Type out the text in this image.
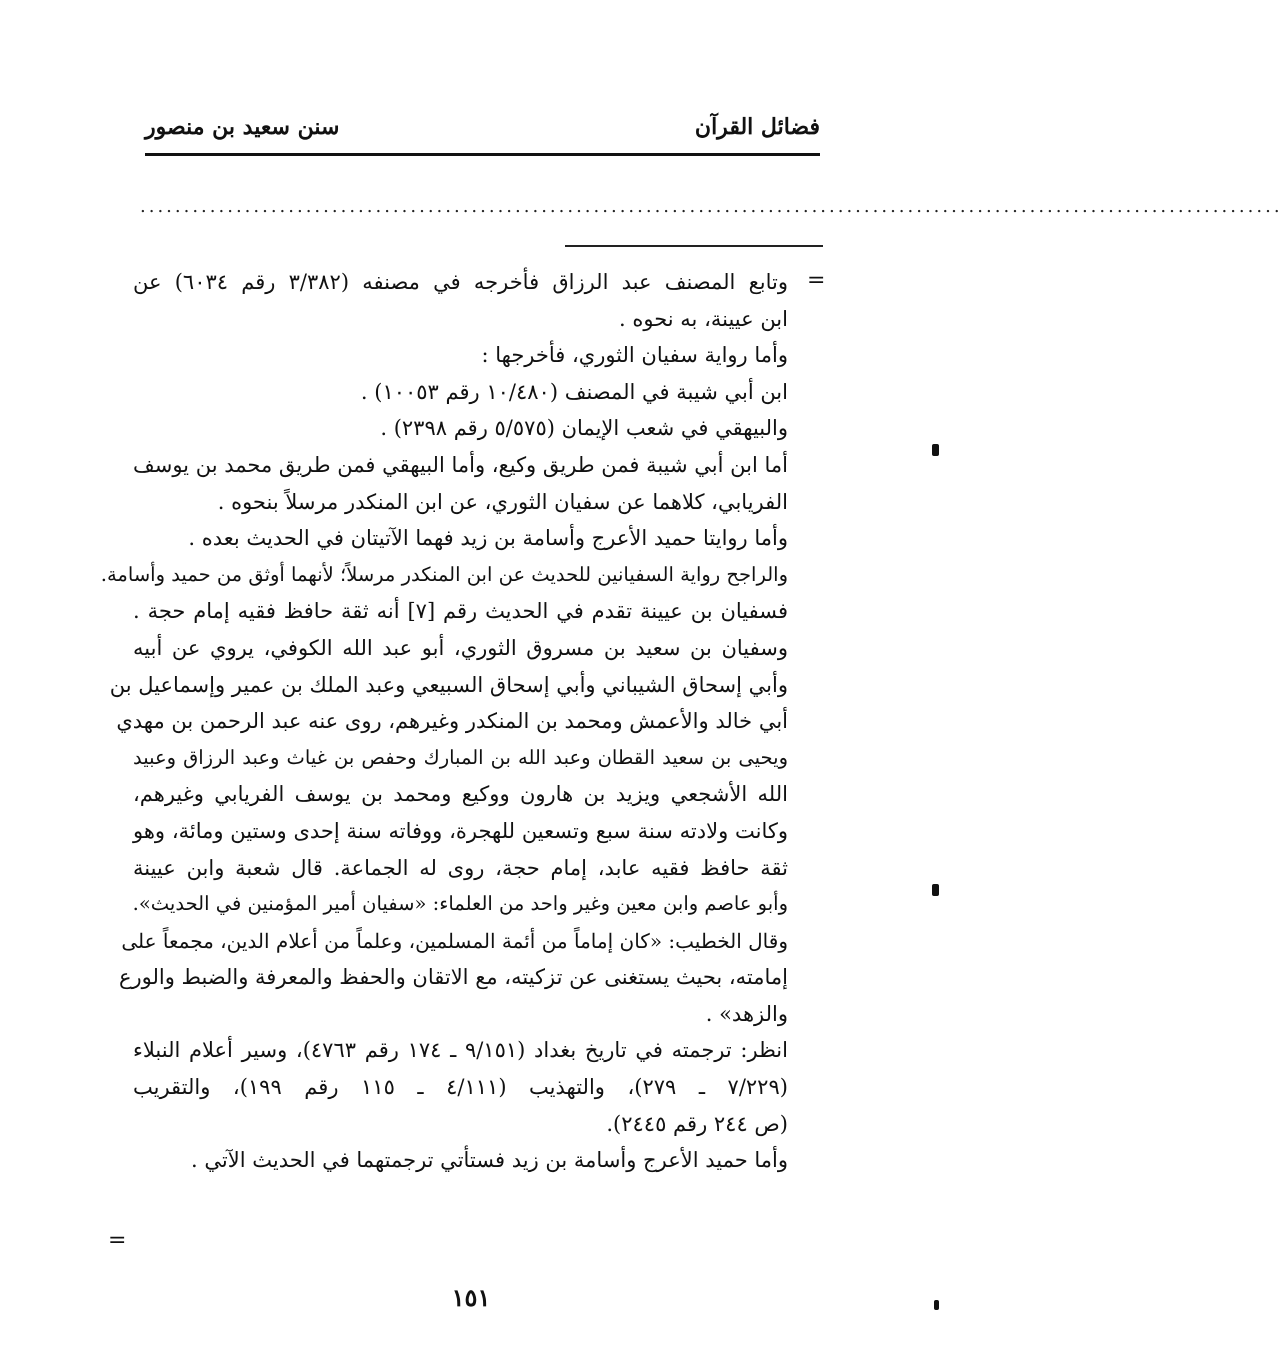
فضائل القرآن
سنن سعيد بن منصور
...................................................................................................................................
=
وتابع المصنف عبد الرزاق فأخرجه في مصنفه (٣/٣٨٢ رقم ٦٠٣٤) عن
ابن عيينة، به نحوه .
وأما رواية سفيان الثوري، فأخرجها :
ابن أبي شيبة في المصنف (١٠/٤٨٠ رقم ١٠٠٥٣) .
والبيهقي في شعب الإيمان (٥/٥٧٥ رقم ٢٣٩٨) .
أما ابن أبي شيبة فمن طريق وكيع، وأما البيهقي فمن طريق محمد بن يوسف
الفريابي، كلاهما عن سفيان الثوري، عن ابن المنكدر مرسلاً بنحوه .
وأما روايتا حميد الأعرج وأسامة بن زيد فهما الآتيتان في الحديث بعده .
والراجح رواية السفيانين للحديث عن ابن المنكدر مرسلاً؛ لأنهما أوثق من حميد وأسامة.
فسفيان بن عيينة تقدم في الحديث رقم [٧] أنه ثقة حافظ فقيه إمام حجة .
وسفيان بن سعيد بن مسروق الثوري، أبو عبد الله الكوفي، يروي عن أبيه
وأبي إسحاق الشيباني وأبي إسحاق السبيعي وعبد الملك بن عمير وإسماعيل بن
أبي خالد والأعمش ومحمد بن المنكدر وغيرهم، روى عنه عبد الرحمن بن مهدي
ويحيى بن سعيد القطان وعبد الله بن المبارك وحفص بن غياث وعبد الرزاق وعبيد
الله الأشجعي ويزيد بن هارون ووكيع ومحمد بن يوسف الفريابي وغيرهم،
وكانت ولادته سنة سبع وتسعين للهجرة، ووفاته سنة إحدى وستين ومائة، وهو
ثقة حافظ فقيه عابد، إمام حجة، روى له الجماعة. قال شعبة وابن عيينة
وأبو عاصم وابن معين وغير واحد من العلماء: «سفيان أمير المؤمنين في الحديث».
وقال الخطيب: «كان إماماً من أئمة المسلمين، وعلماً من أعلام الدين، مجمعاً على
إمامته، بحيث يستغنى عن تزكيته، مع الاتقان والحفظ والمعرفة والضبط والورع
والزهد» .
انظر: ترجمته في تاريخ بغداد (٩/١٥١ ـ ١٧٤ رقم ٤٧٦٣)، وسير أعلام النبلاء
(٧/٢٢٩ ـ ٢٧٩)، والتهذيب (٤/١١١ ـ ١١٥ رقم ١٩٩)، والتقريب
(ص ٢٤٤ رقم ٢٤٤٥).
وأما حميد الأعرج وأسامة بن زيد فستأتي ترجمتهما في الحديث الآتي .
=
١٥١
